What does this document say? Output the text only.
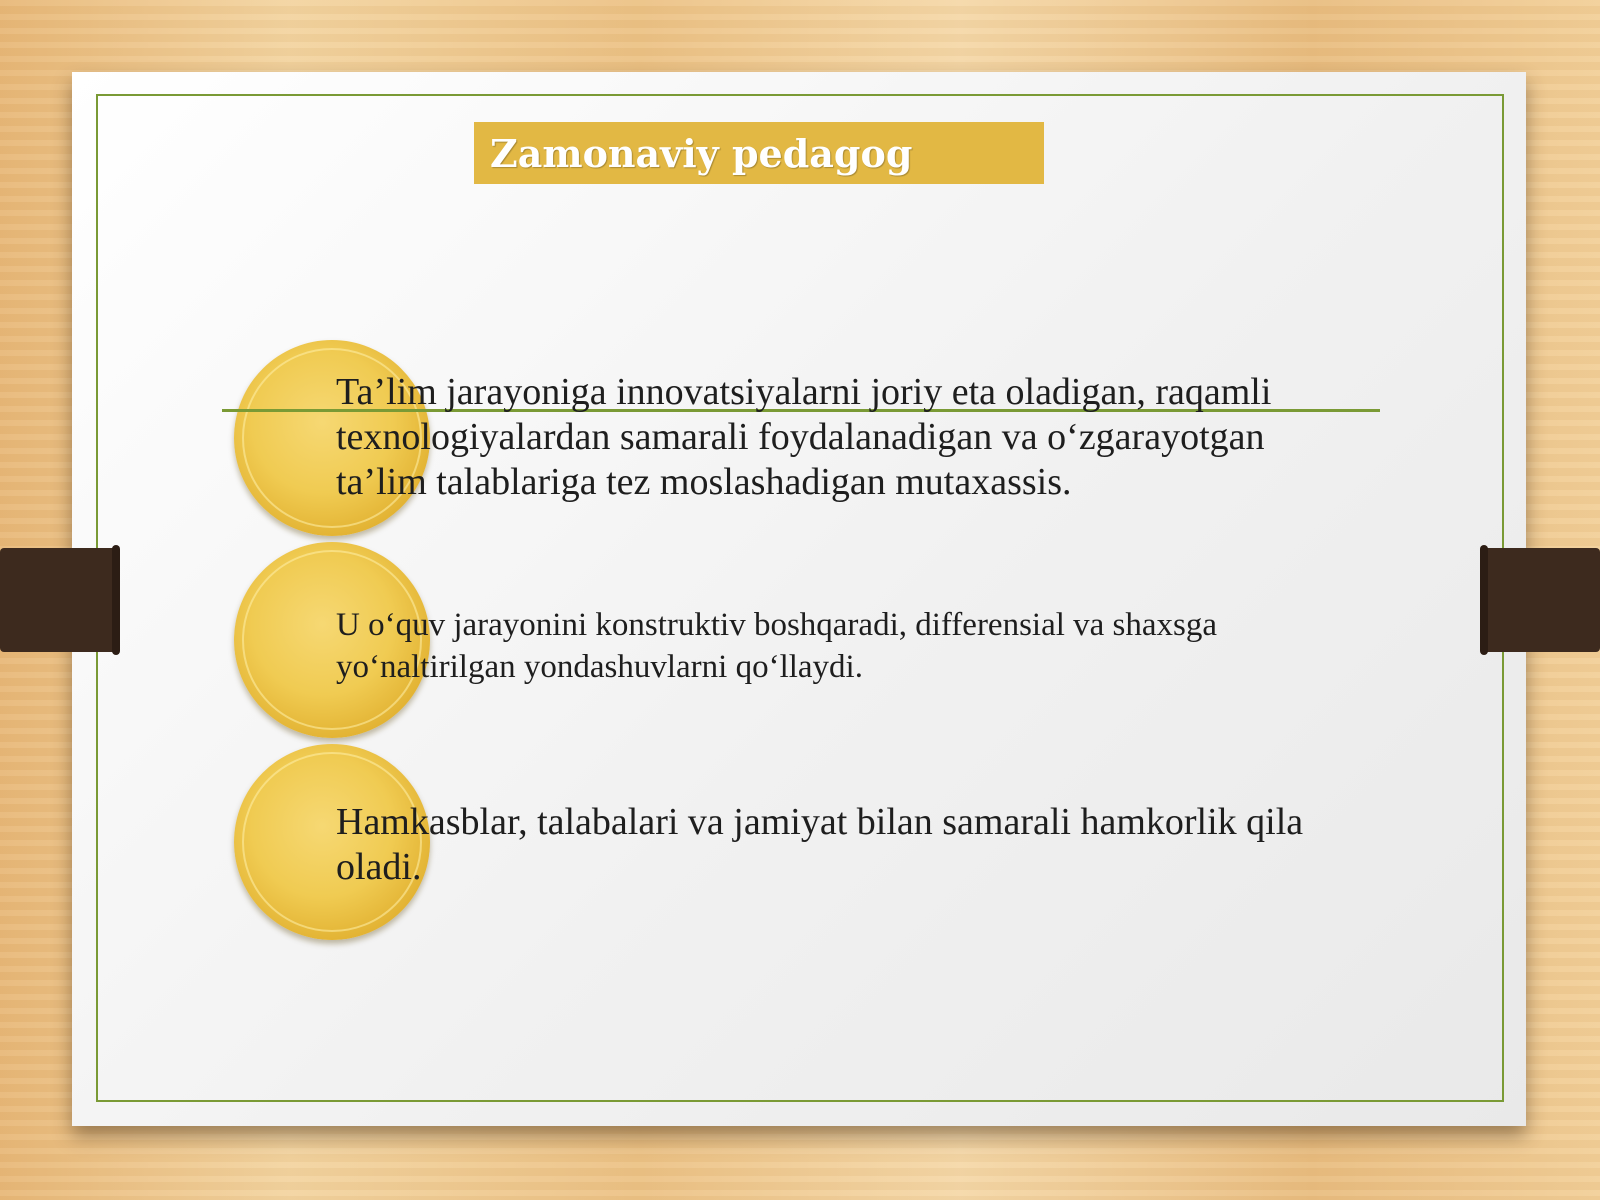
Zamonaviy pedagog
Ta’lim jarayoniga innovatsiyalarni joriy eta oladigan, raqamli
texnologiyalardan samarali foydalanadigan va o‘zgarayotgan
ta’lim talablariga tez moslashadigan mutaxassis.
U o‘quv jarayonini konstruktiv boshqaradi, differensial va shaxsga
yo‘naltirilgan yondashuvlarni qo‘llaydi.
Hamkasblar, talabalari va jamiyat bilan samarali hamkorlik qila
oladi.
